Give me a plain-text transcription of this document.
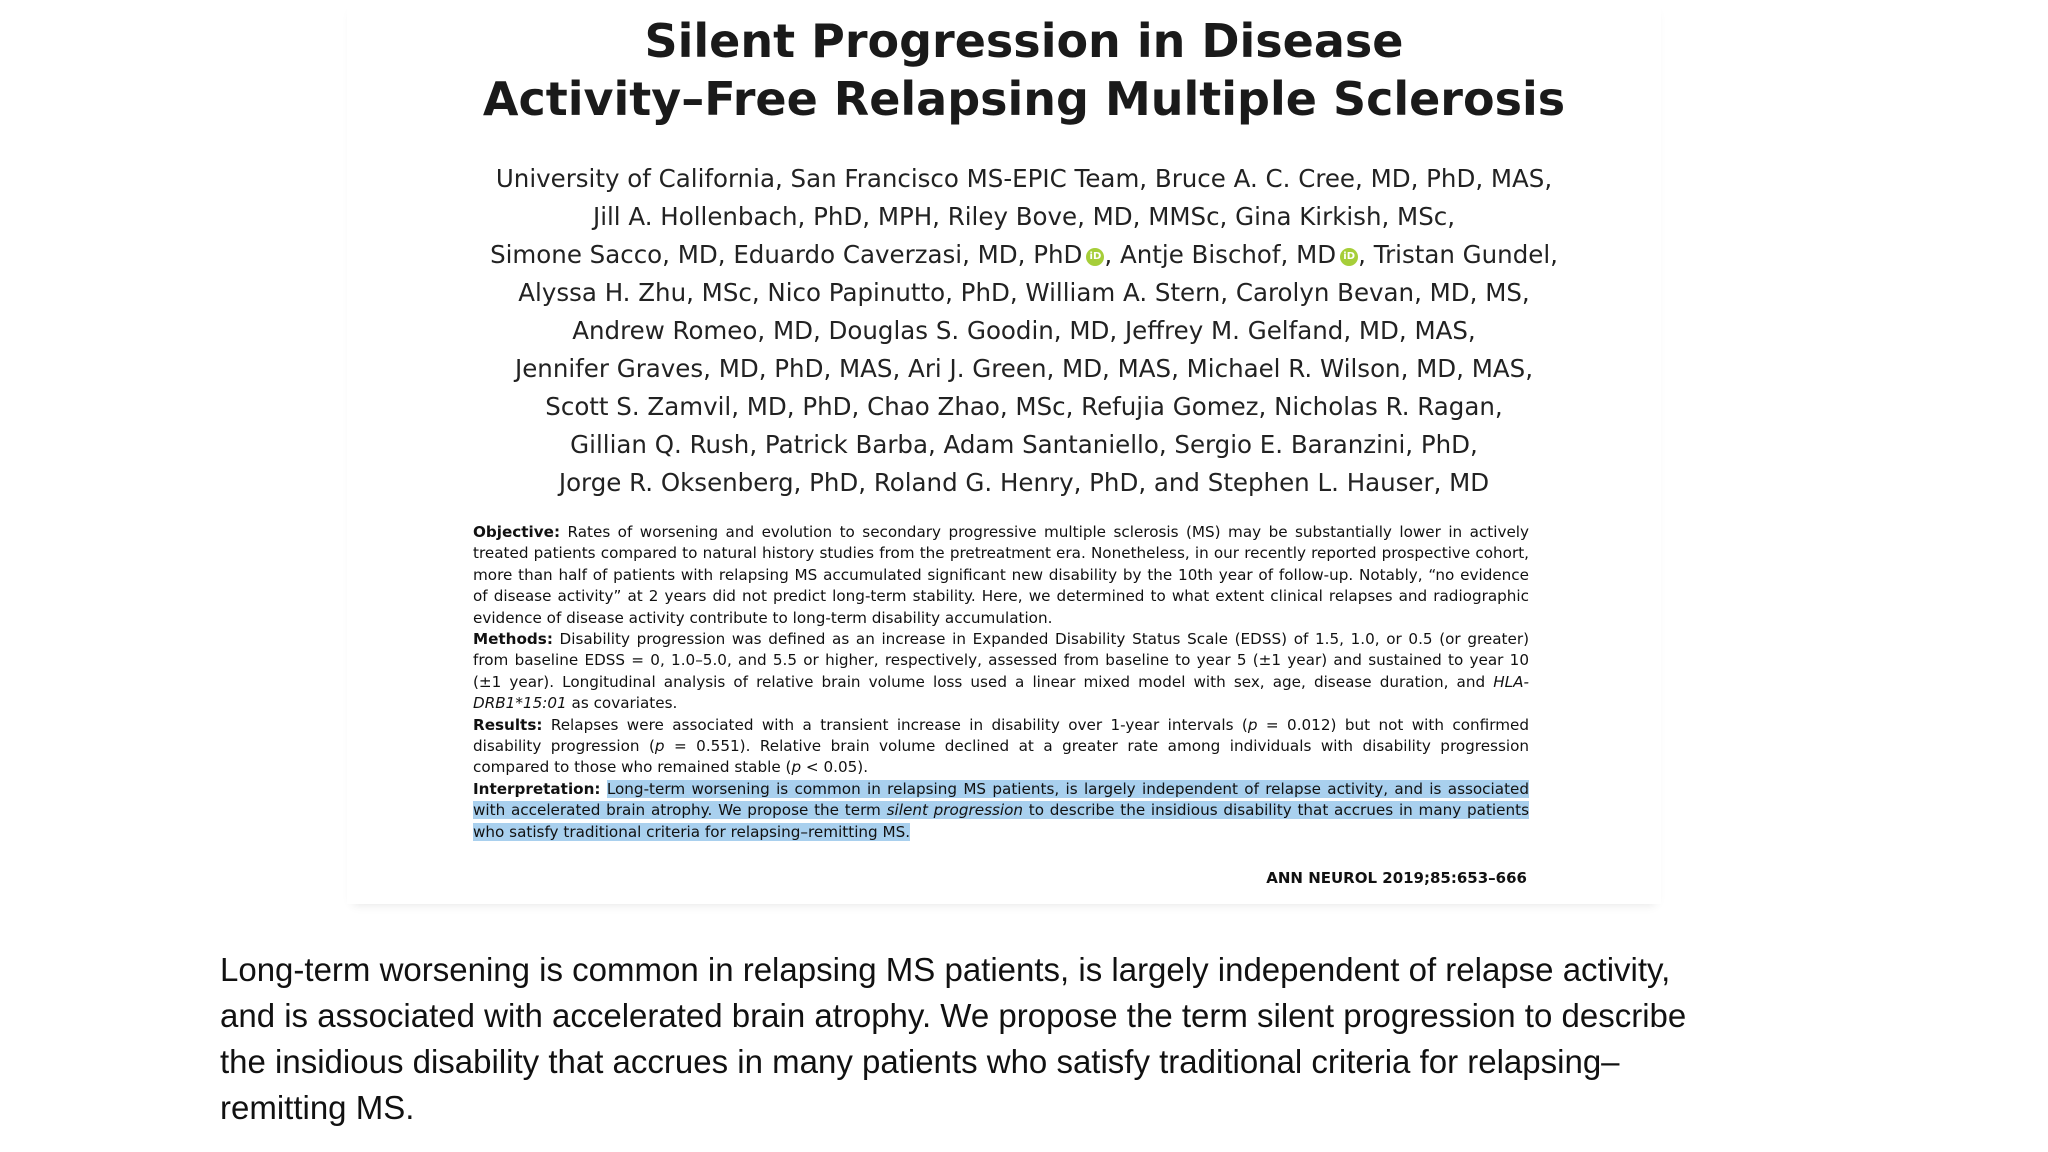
Silent Progression in Disease
Activity–Free Relapsing Multiple Sclerosis
University of California, San Francisco MS-EPIC Team, Bruce A. C. Cree, MD, PhD, MAS,
Jill A. Hollenbach, PhD, MPH, Riley Bove, MD, MMSc, Gina Kirkish, MSc,
Simone Sacco, MD, Eduardo Caverzasi, MD, PhD iD , Antje Bischof, MD iD , Tristan Gundel,
Alyssa H. Zhu, MSc, Nico Papinutto, PhD, William A. Stern, Carolyn Bevan, MD, MS,
Andrew Romeo, MD, Douglas S. Goodin, MD, Jeffrey M. Gelfand, MD, MAS,
Jennifer Graves, MD, PhD, MAS, Ari J. Green, MD, MAS, Michael R. Wilson, MD, MAS,
Scott S. Zamvil, MD, PhD, Chao Zhao, MSc, Refujia Gomez, Nicholas R. Ragan,
Gillian Q. Rush, Patrick Barba, Adam Santaniello, Sergio E. Baranzini, PhD,
Jorge R. Oksenberg, PhD, Roland G. Henry, PhD, and Stephen L. Hauser, MD

Objective: Rates of worsening and evolution to secondary progressive multiple sclerosis (MS) may be substantially lower in actively treated patients compared to natural history studies from the pretreatment era. Nonetheless, in our recently reported prospective cohort, more than half of patients with relapsing MS accumulated significant new disability by the 10th year of follow-up. Notably, “no evidence of disease activity” at 2 years did not predict long-term stability. Here, we determined to what extent clinical relapses and radiographic evidence of disease activity contribute to long-term disability accumulation.

Methods: Disability progression was defined as an increase in Expanded Disability Status Scale (EDSS) of 1.5, 1.0, or 0.5 (or greater) from baseline EDSS = 0, 1.0–5.0, and 5.5 or higher, respectively, assessed from baseline to year 5 (±1 year) and sustained to year 10 (±1 year). Longitudinal analysis of relative brain volume loss used a linear mixed model with sex, age, disease duration, and HLA-DRB1*15:01 as covariates.

Results: Relapses were associated with a transient increase in disability over 1-year intervals (p = 0.012) but not with confirmed disability progression (p = 0.551). Relative brain volume declined at a greater rate among individuals with disability progression compared to those who remained stable (p < 0.05).

Interpretation: Long-term worsening is common in relapsing MS patients, is largely independent of relapse activity, and is associated with accelerated brain atrophy. We propose the term silent progression to describe the insidious disability that accrues in many patients who satisfy traditional criteria for relapsing–remitting MS.

ANN NEUROL 2019;85:653–666
Long-term worsening is common in relapsing MS patients, is largely independent of relapse activity,
and is associated with accelerated brain atrophy. We propose the term silent progression to describe
the insidious disability that accrues in many patients who satisfy traditional criteria for relapsing–
remitting MS.
